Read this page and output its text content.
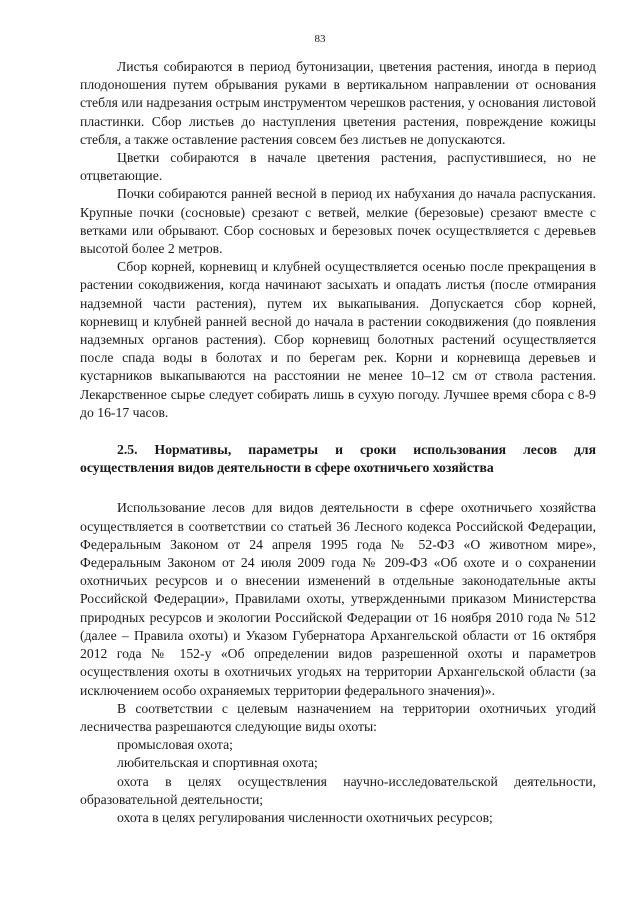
83

Листья собираются в период бутонизации, цветения растения, иногда в период плодоношения путем обрывания руками в вертикальном направлении от основания стебля или надрезания острым инструментом черешков растения, у основания листовой пластинки. Сбор листьев до наступления цветения растения, повреждение кожицы стебля, а также оставление растения совсем без листьев не допускаются.

Цветки собираются в начале цветения растения, распустившиеся, но не отцветающие.

Почки собираются ранней весной в период их набухания до начала распускания. Крупные почки (сосновые) срезают с ветвей, мелкие (березовые) срезают вместе с ветками или обрывают. Сбор сосновых и березовых почек осуществляется с деревьев высотой более 2 метров.

Сбор корней, корневищ и клубней осуществляется осенью после прекращения в растении сокодвижения, когда начинают засыхать и опадать листья (после отмирания надземной части растения), путем их выкапывания. Допускается сбор корней, корневищ и клубней ранней весной до начала в растении сокодвижения (до появления надземных органов растения). Сбор корневищ болотных растений осуществляется после спада воды в болотах и по берегам рек. Корни и корневища деревьев и кустарников выкапываются на расстоянии не менее 10–12 см от ствола растения. Лекарственное сырье следует собирать лишь в сухую погоду. Лучшее время сбора с 8-9 до 16-17 часов.

2.5. Нормативы, параметры и сроки использования лесов для осуществления видов деятельности в сфере охотничьего хозяйства

Использование лесов для видов деятельности в сфере охотничьего хозяйства осуществляется в соответствии со статьей 36 Лесного кодекса Российской Федерации, Федеральным Законом от 24 апреля 1995 года № 52-ФЗ «О животном мире», Федеральным Законом от 24 июля 2009 года № 209-ФЗ «Об охоте и о сохранении охотничьих ресурсов и о внесении изменений в отдельные законодательные акты Российской Федерации», Правилами охоты, утвержденными приказом Министерства природных ресурсов и экологии Российской Федерации от 16 ноября 2010 года № 512 (далее – Правила охоты) и Указом Губернатора Архангельской области от 16 октября 2012 года № 152-у «Об определении видов разрешенной охоты и параметров осуществления охоты в охотничьих угодьях на территории Архангельской области (за исключением особо охраняемых территории федерального значения)».

В соответствии с целевым назначением на территории охотничьих угодий лесничества разрешаются следующие виды охоты:

промысловая охота;

любительская и спортивная охота;

охота в целях осуществления научно-исследовательской деятельности, образовательной деятельности;

охота в целях регулирования численности охотничьих ресурсов;
